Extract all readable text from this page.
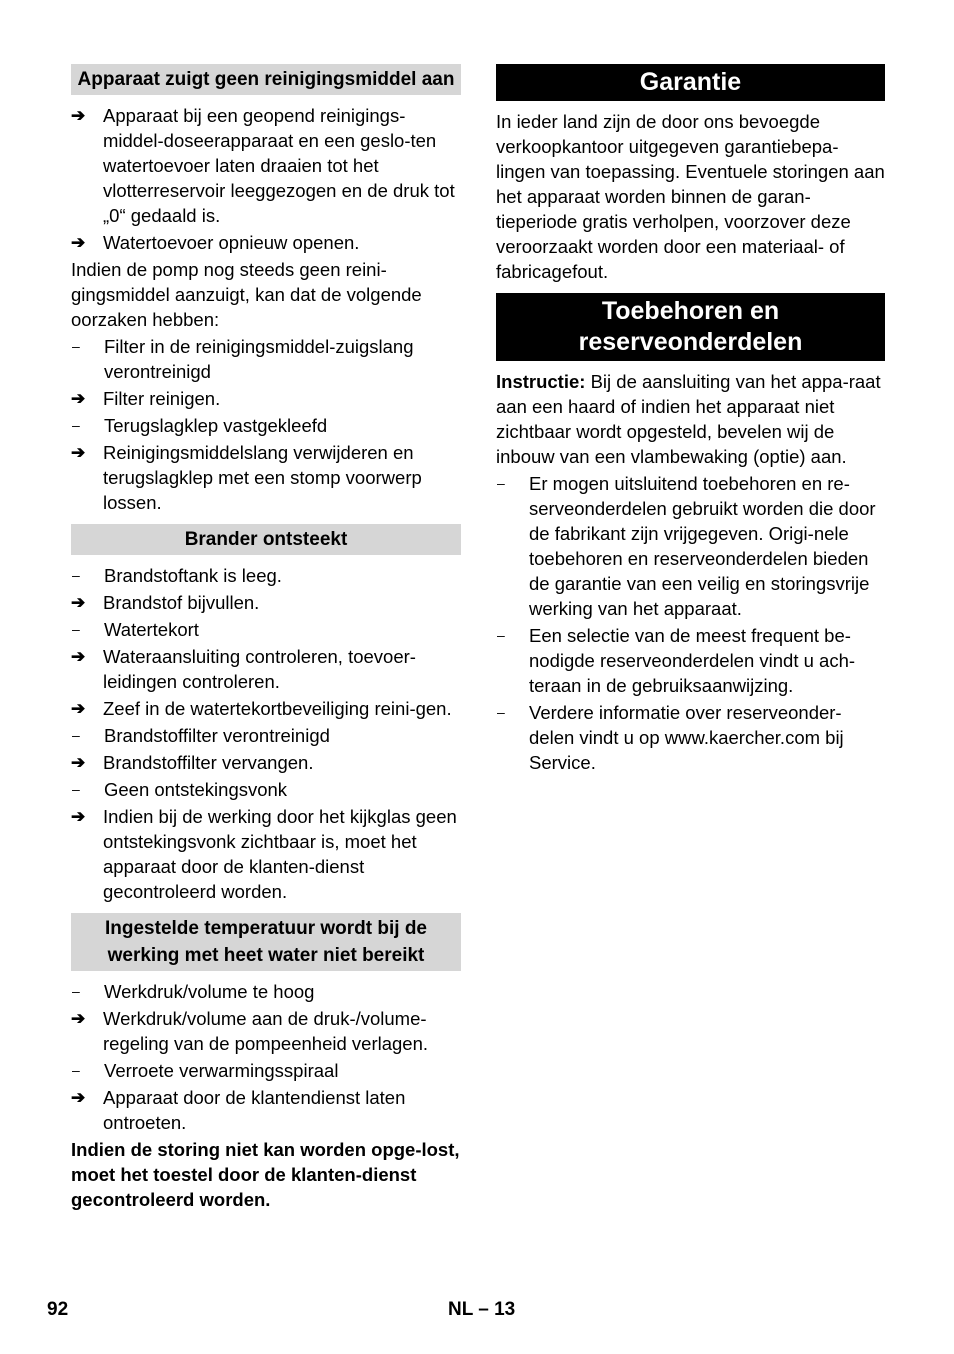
Apparaat zuigt geen reinigingsmiddel aan
➔ Apparaat bij een geopend reinigings-middel-doseerapparaat en een geslo-ten watertoevoer laten draaien tot het vlotterreservoir leeggezogen en de druk tot „0“ gedaald is.
➔ Watertoevoer opnieuw openen.

Indien de pomp nog steeds geen reini-gingsmiddel aanzuigt, kan dat de volgende oorzaken hebben:

–	Filter in de reinigingsmiddel-zuigslang verontreinigd
➔ Filter reinigen.
–	Terugslagklep vastgekleefd
➔ Reinigingsmiddelslang verwijderen en terugslagklep met een stomp voorwerp lossen.
Brander ontsteekt
–	Brandstoftank is leeg.
➔ Brandstof bijvullen.
–	Watertekort
➔ Wateraansluiting controleren, toevoer-leidingen controleren.
➔ Zeef in de watertekortbeveiliging reini-gen.
–	Brandstoffilter verontreinigd
➔ Brandstoffilter vervangen.
–	Geen ontstekingsvonk
➔ Indien bij de werking door het kijkglas geen ontstekingsvonk zichtbaar is, moet het apparaat door de klanten-dienst gecontroleerd worden.
Ingestelde temperatuur wordt bij de werking met heet water niet bereikt
–	Werkdruk/volume te hoog
➔ Werkdruk/volume aan de druk-/volume-regeling van de pompeenheid verlagen.
–	Verroete verwarmingsspiraal
➔ Apparaat door de klantendienst laten ontroeten.

Indien de storing niet kan worden opge-lost, moet het toestel door de klanten-dienst gecontroleerd worden.

Garantie

In ieder land zijn de door ons bevoegde verkoopkantoor uitgegeven garantiebepa-lingen van toepassing. Eventuele storingen aan het apparaat worden binnen de garan-tieperiode gratis verholpen, voorzover deze veroorzaakt worden door een materiaal- of fabricagefout.

Toebehoren en reserveonderdelen

Instructie: Bij de aansluiting van het appa-raat aan een haard of indien het apparaat niet zichtbaar wordt opgesteld, bevelen wij de inbouw van een vlambewaking (optie) aan.

–	Er mogen uitsluitend toebehoren en re-serveonderdelen gebruikt worden die door de fabrikant zijn vrijgegeven. Origi-nele toebehoren en reserveonderdelen bieden de garantie van een veilig en storingsvrije werking van het apparaat.
–	Een selectie van de meest frequent be-nodigde reserveonderdelen vindt u ach-teraan in de gebruiksaanwijzing.
–	Verdere informatie over reserveonder-delen vindt u op www.kaercher.com bij Service.
92	NL – 13
